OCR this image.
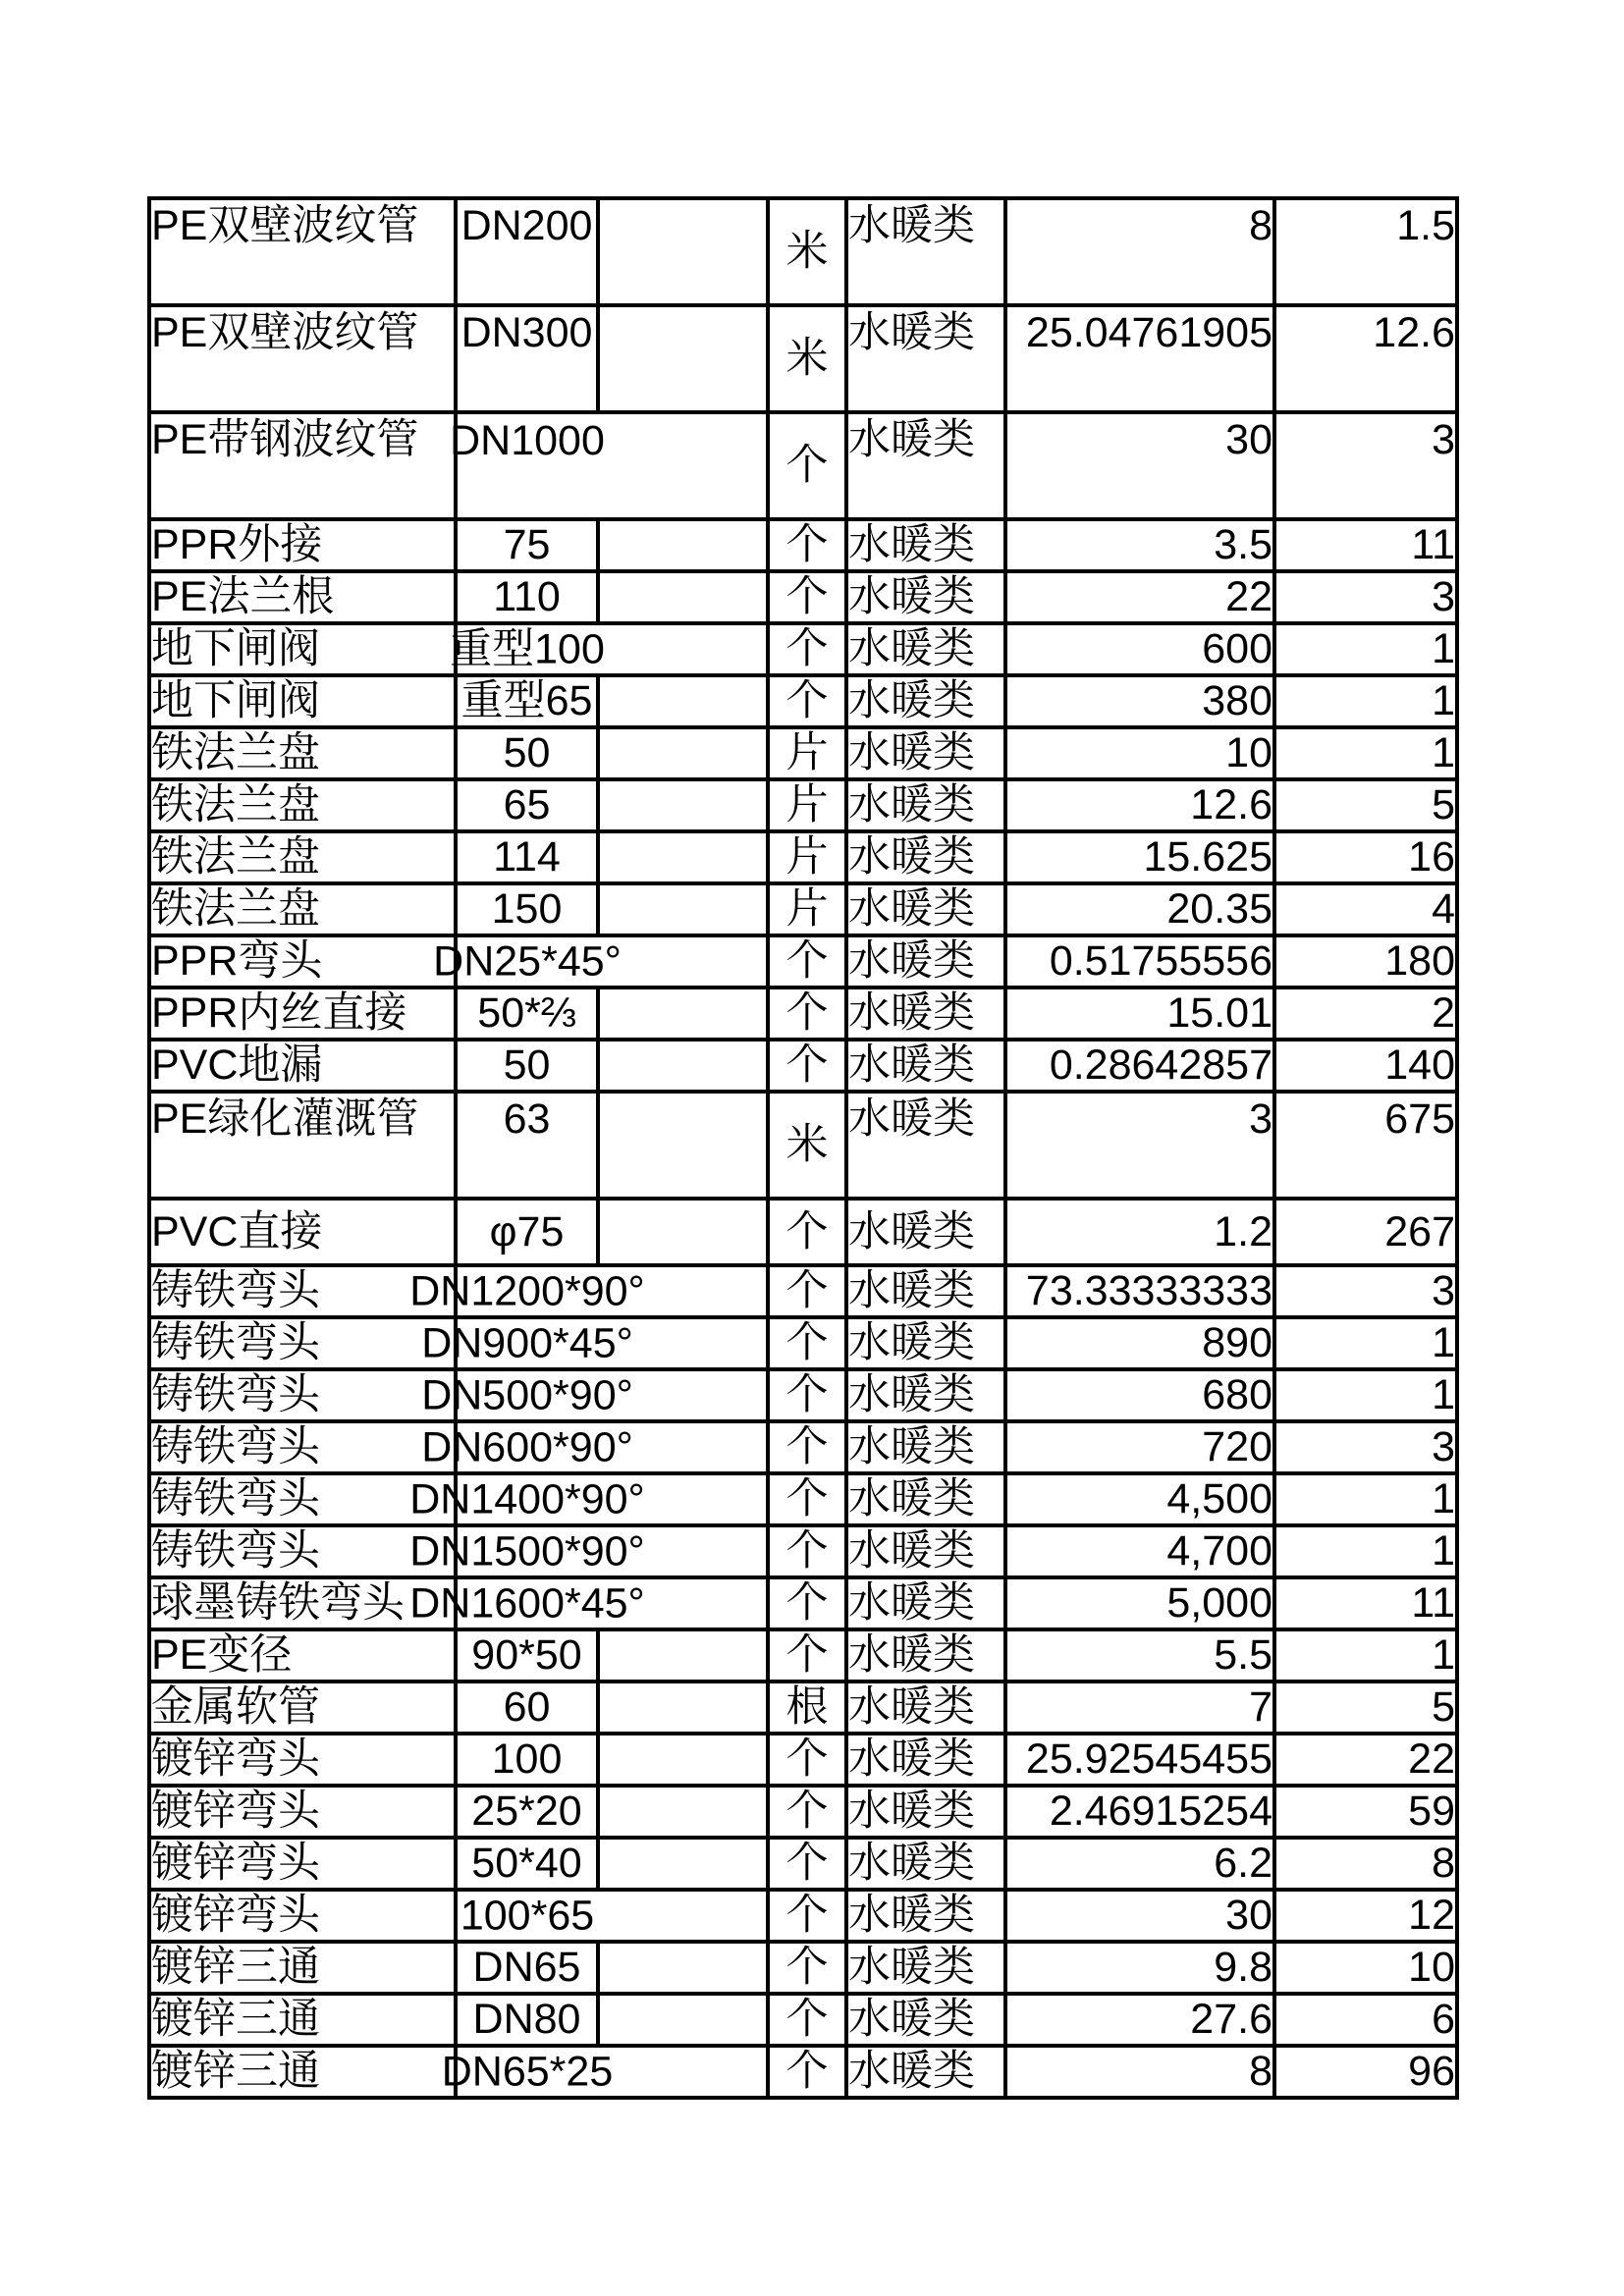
PE双壁波纹管	DN200		米	水暖类	8	1.5
PE双壁波纹管	DN300		米	水暖类	25.04761905	12.6
PE带钢波纹管	DN1000		个	水暖类	30	3
PPR外接	75		个	水暖类	3.5	11
PE法兰根	110		个	水暖类	22	3
地下闸阀	重型100		个	水暖类	600	1
地下闸阀	重型65		个	水暖类	380	1
铁法兰盘	50		片	水暖类	10	1
铁法兰盘	65		片	水暖类	12.6	5
铁法兰盘	114		片	水暖类	15.625	16
铁法兰盘	150		片	水暖类	20.35	4
PPR弯头	DN25*45°		个	水暖类	0.51755556	180
PPR内丝直接	50*⅔		个	水暖类	15.01	2
PVC地漏	50		个	水暖类	0.28642857	140
PE绿化灌溉管	63		米	水暖类	3	675
PVC直接	φ75		个	水暖类	1.2	267
铸铁弯头	DN1200*90°		个	水暖类	73.33333333	3
铸铁弯头	DN900*45°		个	水暖类	890	1
铸铁弯头	DN500*90°		个	水暖类	680	1
铸铁弯头	DN600*90°		个	水暖类	720	3
铸铁弯头	DN1400*90°		个	水暖类	4,500	1
铸铁弯头	DN1500*90°		个	水暖类	4,700	1
球墨铸铁弯头	DN1600*45°		个	水暖类	5,000	11
PE变径	90*50		个	水暖类	5.5	1
金属软管	60		根	水暖类	7	5
镀锌弯头	100		个	水暖类	25.92545455	22
镀锌弯头	25*20		个	水暖类	2.46915254	59
镀锌弯头	50*40		个	水暖类	6.2	8
镀锌弯头	100*65		个	水暖类	30	12
镀锌三通	DN65		个	水暖类	9.8	10
镀锌三通	DN80		个	水暖类	27.6	6
镀锌三通	DN65*25		个	水暖类	8	96
